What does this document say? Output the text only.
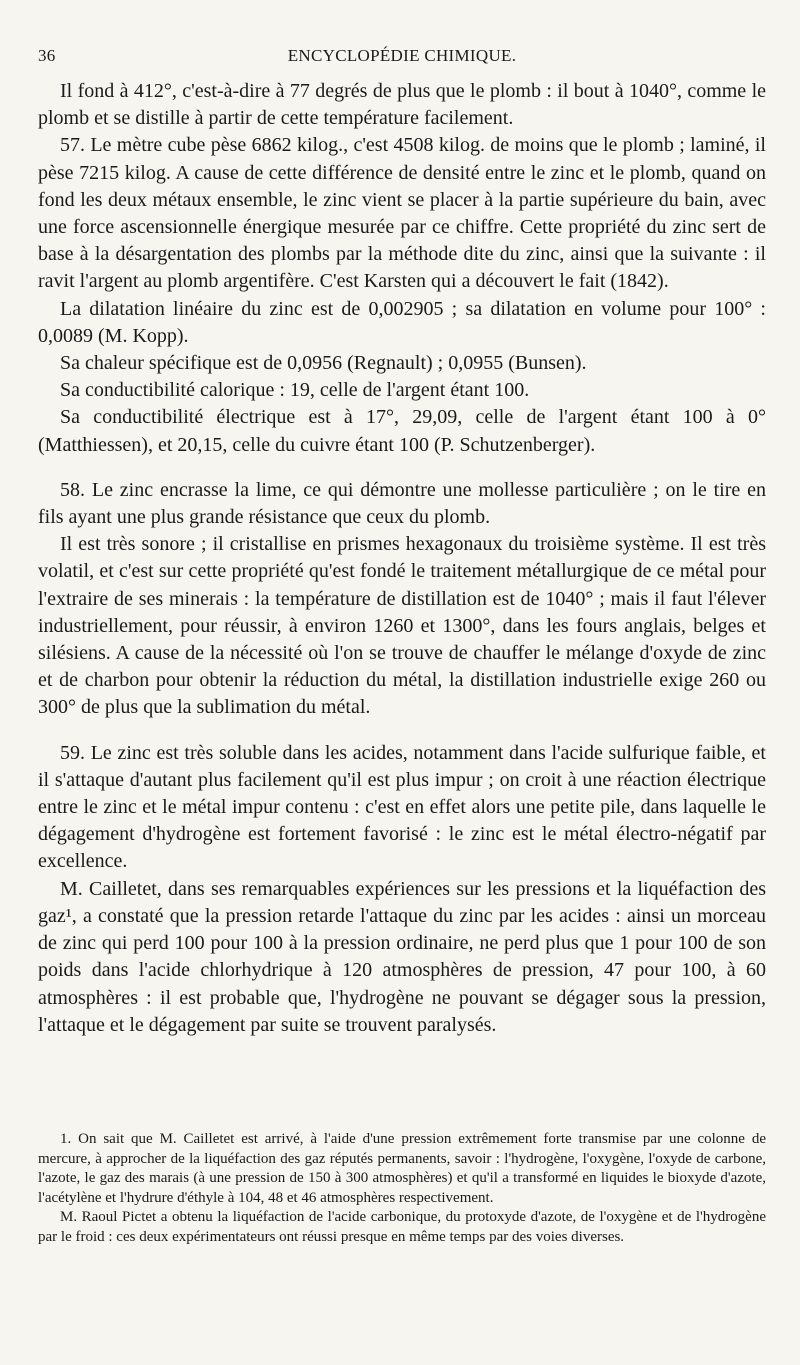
36	ENCYCLOPÉDIE CHIMIQUE.

Il fond à 412°, c'est-à-dire à 77 degrés de plus que le plomb : il bout à 1040°, comme le plomb et se distille à partir de cette température facilement.

57. Le mètre cube pèse 6862 kilog., c'est 4508 kilog. de moins que le plomb ; laminé, il pèse 7215 kilog. A cause de cette différence de densité entre le zinc et le plomb, quand on fond les deux métaux ensemble, le zinc vient se placer à la partie supérieure du bain, avec une force ascensionnelle énergique mesurée par ce chiffre. Cette propriété du zinc sert de base à la désargentation des plombs par la méthode dite du zinc, ainsi que la suivante : il ravit l'argent au plomb argentifère. C'est Karsten qui a découvert le fait (1842).

La dilatation linéaire du zinc est de 0,002905 ; sa dilatation en volume pour 100° : 0,0089 (M. Kopp).

Sa chaleur spécifique est de 0,0956 (Regnault) ; 0,0955 (Bunsen).

Sa conductibilité calorique : 19, celle de l'argent étant 100.

Sa conductibilité électrique est à 17°, 29,09, celle de l'argent étant 100 à 0° (Matthiessen), et 20,15, celle du cuivre étant 100 (P. Schutzenberger).

58. Le zinc encrasse la lime, ce qui démontre une mollesse particulière ; on le tire en fils ayant une plus grande résistance que ceux du plomb.

Il est très sonore ; il cristallise en prismes hexagonaux du troisième système. Il est très volatil, et c'est sur cette propriété qu'est fondé le traitement métallurgique de ce métal pour l'extraire de ses minerais : la température de distillation est de 1040° ; mais il faut l'élever industriellement, pour réussir, à environ 1260 et 1300°, dans les fours anglais, belges et silésiens. A cause de la nécessité où l'on se trouve de chauffer le mélange d'oxyde de zinc et de charbon pour obtenir la réduction du métal, la distillation industrielle exige 260 ou 300° de plus que la sublimation du métal.

59. Le zinc est très soluble dans les acides, notamment dans l'acide sulfurique faible, et il s'attaque d'autant plus facilement qu'il est plus impur ; on croit à une réaction électrique entre le zinc et le métal impur contenu : c'est en effet alors une petite pile, dans laquelle le dégagement d'hydrogène est fortement favorisé : le zinc est le métal électro-négatif par excellence.

M. Cailletet, dans ses remarquables expériences sur les pressions et la liquéfaction des gaz¹, a constaté que la pression retarde l'attaque du zinc par les acides : ainsi un morceau de zinc qui perd 100 pour 100 à la pression ordinaire, ne perd plus que 1 pour 100 de son poids dans l'acide chlorhydrique à 120 atmosphères de pression, 47 pour 100, à 60 atmosphères : il est probable que, l'hydrogène ne pouvant se dégager sous la pression, l'attaque et le dégagement par suite se trouvent paralysés.

1. On sait que M. Cailletet est arrivé, à l'aide d'une pression extrêmement forte transmise par une colonne de mercure, à approcher de la liquéfaction des gaz réputés permanents, savoir : l'hydrogène, l'oxygène, l'oxyde de carbone, l'azote, le gaz des marais (à une pression de 150 à 300 atmosphères) et qu'il a transformé en liquides le bioxyde d'azote, l'acétylène et l'hydrure d'éthyle à 104, 48 et 46 atmosphères respectivement.

M. Raoul Pictet a obtenu la liquéfaction de l'acide carbonique, du protoxyde d'azote, de l'oxygène et de l'hydrogène par le froid : ces deux expérimentateurs ont réussi presque en même temps par des voies diverses.
